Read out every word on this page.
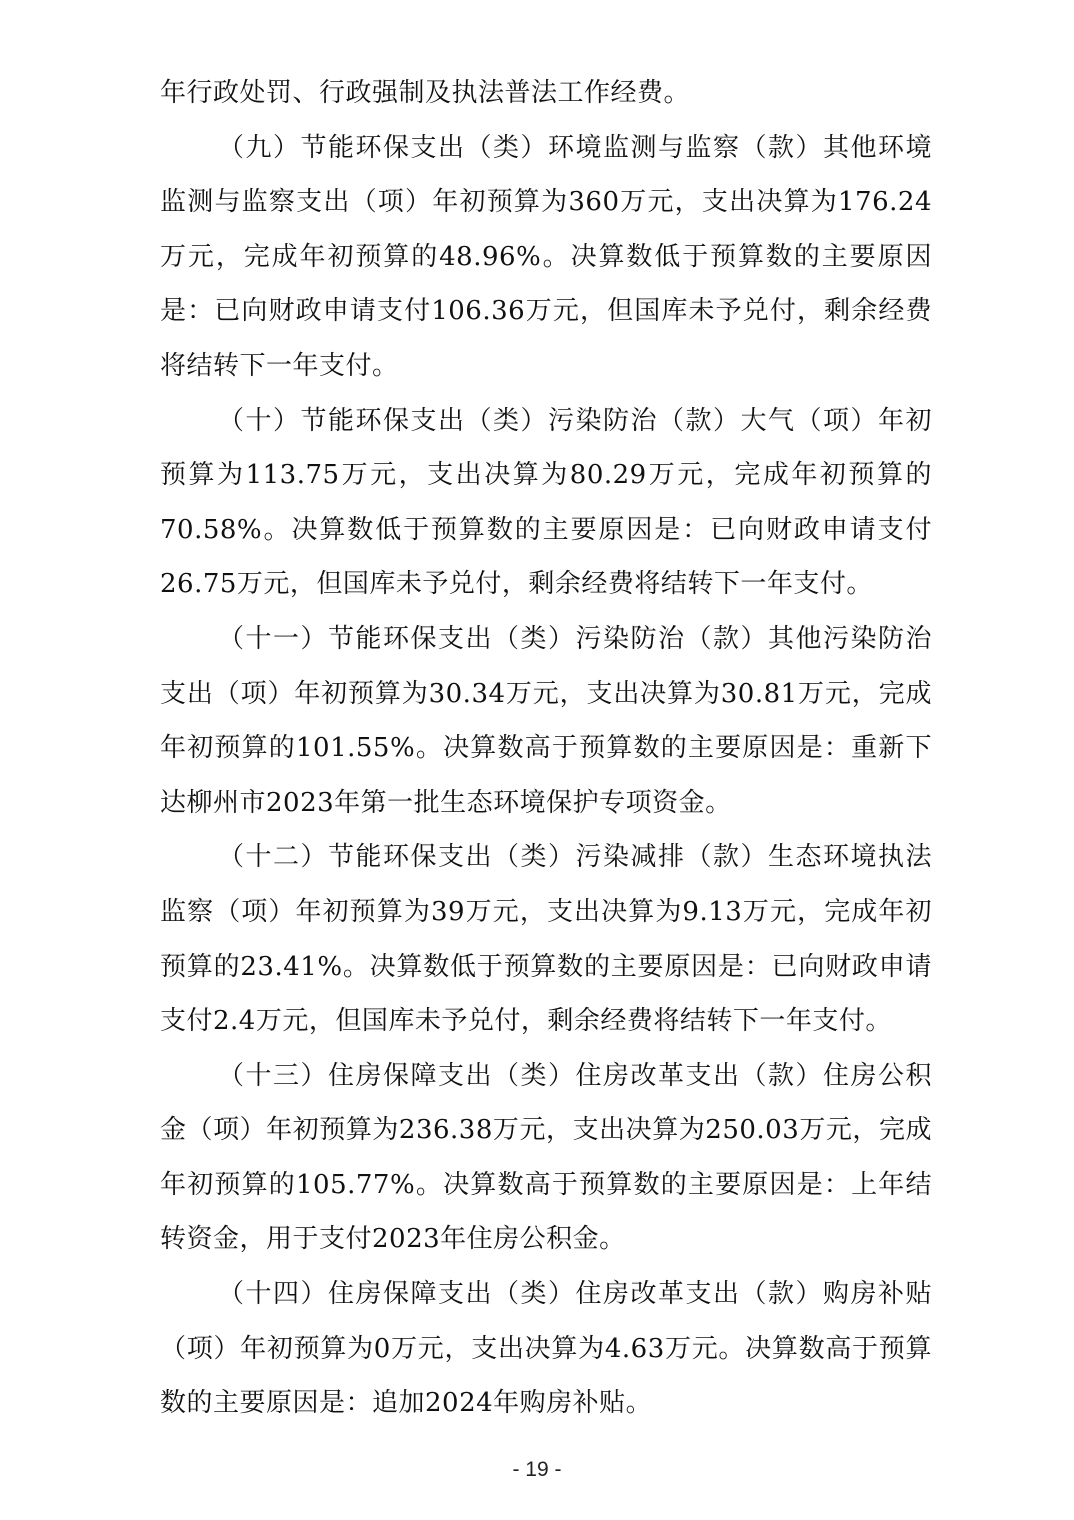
年行政处罚、行政强制及执法普法工作经费。

（九）节能环保支出（类）环境监测与监察（款）其他环境监测与监察支出（项）年初预算为360万元，支出决算为176.24万元，完成年初预算的48.96%。决算数低于预算数的主要原因是：已向财政申请支付106.36万元，但国库未予兑付，剩余经费将结转下一年支付。

（十）节能环保支出（类）污染防治（款）大气（项）年初预算为113.75万元，支出决算为80.29万元，完成年初预算的70.58%。决算数低于预算数的主要原因是：已向财政申请支付26.75万元，但国库未予兑付，剩余经费将结转下一年支付。

（十一）节能环保支出（类）污染防治（款）其他污染防治支出（项）年初预算为30.34万元，支出决算为30.81万元，完成年初预算的101.55%。决算数高于预算数的主要原因是：重新下达柳州市2023年第一批生态环境保护专项资金。

（十二）节能环保支出（类）污染减排（款）生态环境执法监察（项）年初预算为39万元，支出决算为9.13万元，完成年初预算的23.41%。决算数低于预算数的主要原因是：已向财政申请支付2.4万元，但国库未予兑付，剩余经费将结转下一年支付。

（十三）住房保障支出（类）住房改革支出（款）住房公积金（项）年初预算为236.38万元，支出决算为250.03万元，完成年初预算的105.77%。决算数高于预算数的主要原因是：上年结转资金，用于支付2023年住房公积金。

（十四）住房保障支出（类）住房改革支出（款）购房补贴（项）年初预算为0万元，支出决算为4.63万元。决算数高于预算数的主要原因是：追加2024年购房补贴。

- 19 -
